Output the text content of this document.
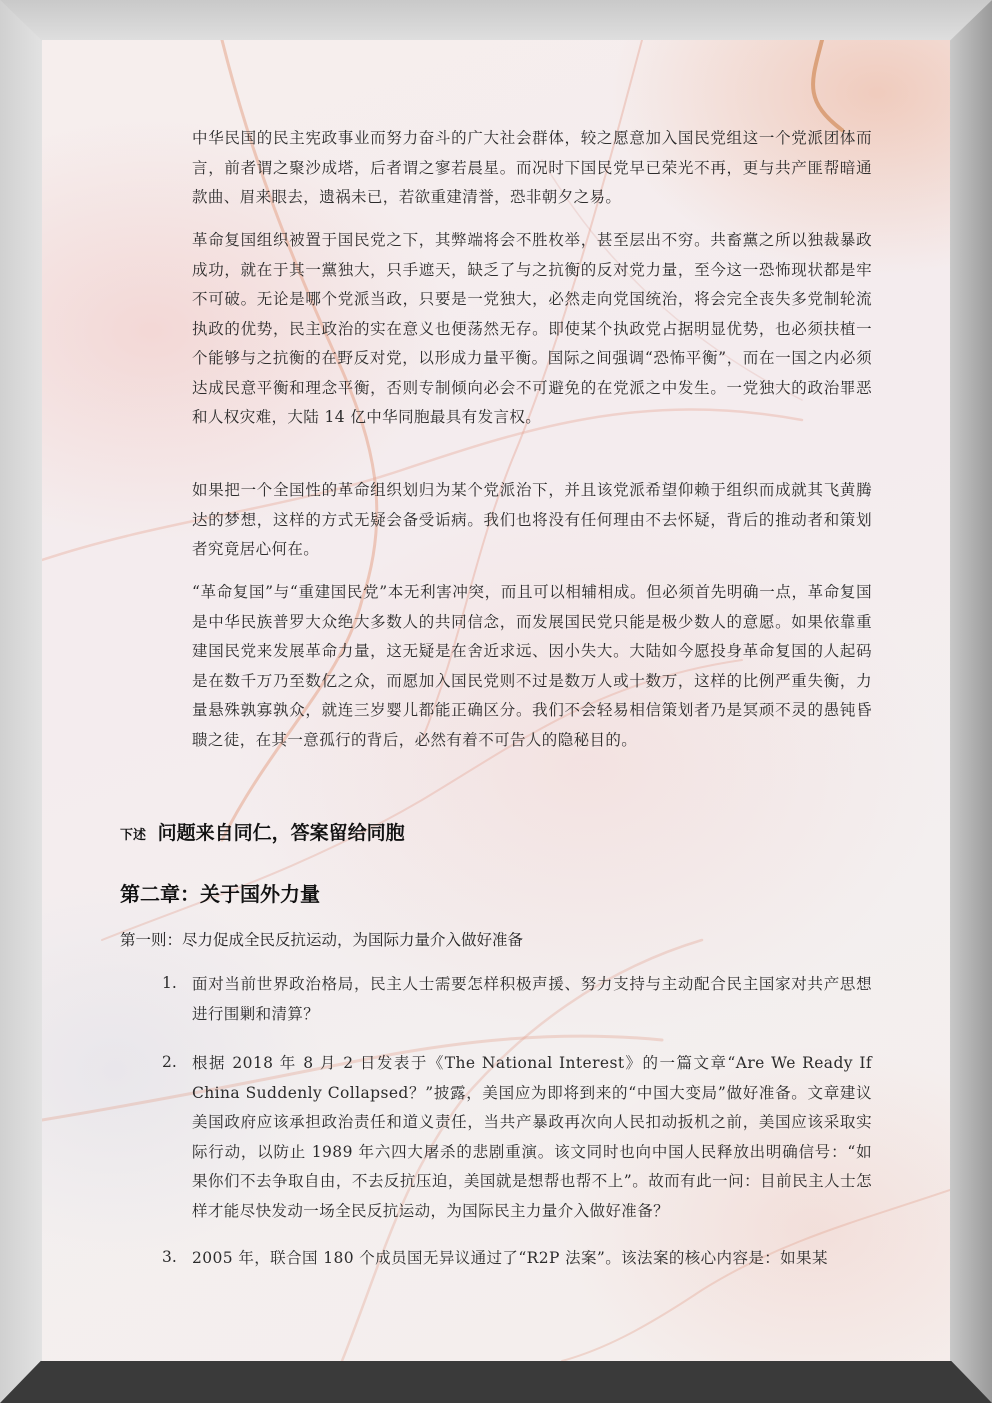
中华民国的民主宪政事业而努力奋斗的广大社会群体，较之愿意加入国民党组这一个党派团体而言，前者谓之聚沙成塔，后者谓之寥若晨星。而况时下国民党早已荣光不再，更与共产匪帮暗通款曲、眉来眼去，遗祸未已，若欲重建清誉，恐非朝夕之易。

革命复国组织被置于国民党之下，其弊端将会不胜枚举，甚至层出不穷。共畜黨之所以独裁暴政成功，就在于其一黨独大，只手遮天，缺乏了与之抗衡的反对党力量，至今这一恐怖现状都是牢不可破。无论是哪个党派当政，只要是一党独大，必然走向党国统治，将会完全丧失多党制轮流执政的优势，民主政治的实在意义也便荡然无存。即使某个执政党占据明显优势，也必须扶植一个能够与之抗衡的在野反对党，以形成力量平衡。国际之间强调“恐怖平衡”，而在一国之内必须达成民意平衡和理念平衡，否则专制倾向必会不可避免的在党派之中发生。一党独大的政治罪恶和人权灾难，大陆 14 亿中华同胞最具有发言权。

如果把一个全国性的革命组织划归为某个党派治下，并且该党派希望仰赖于组织而成就其飞黄腾达的梦想，这样的方式无疑会备受诟病。我们也将没有任何理由不去怀疑，背后的推动者和策划者究竟居心何在。

“革命复国”与“重建国民党”本无利害冲突，而且可以相辅相成。但必须首先明确一点，革命复国是中华民族普罗大众绝大多数人的共同信念，而发展国民党只能是极少数人的意愿。如果依靠重建国民党来发展革命力量，这无疑是在舍近求远、因小失大。大陆如今愿投身革命复国的人起码是在数千万乃至数亿之众，而愿加入国民党则不过是数万人或十数万，这样的比例严重失衡，力量悬殊孰寡孰众，就连三岁婴儿都能正确区分。我们不会轻易相信策划者乃是冥顽不灵的愚钝昏聩之徒，在其一意孤行的背后，必然有着不可告人的隐秘目的。

下述 问题来自同仁，答案留给同胞
第二章：关于国外力量
第一则：尽力促成全民反抗运动，为国际力量介入做好准备
1. 面对当前世界政治格局，民主人士需要怎样积极声援、努力支持与主动配合民主国家对共产思想进行围剿和清算？

2. 根据 2018 年 8 月 2 日发表于《The National Interest》的一篇文章“Are We Ready If China Suddenly Collapsed？”披露，美国应为即将到来的“中国大变局”做好准备。文章建议美国政府应该承担政治责任和道义责任，当共产暴政再次向人民扣动扳机之前，美国应该采取实际行动，以防止 1989 年六四大屠杀的悲剧重演。该文同时也向中国人民释放出明确信号：“如果你们不去争取自由，不去反抗压迫，美国就是想帮也帮不上”。故而有此一问：目前民主人士怎样才能尽快发动一场全民反抗运动，为国际民主力量介入做好准备？

3. 2005 年，联合国 180 个成员国无异议通过了“R2P 法案”。该法案的核心内容是：如果某
